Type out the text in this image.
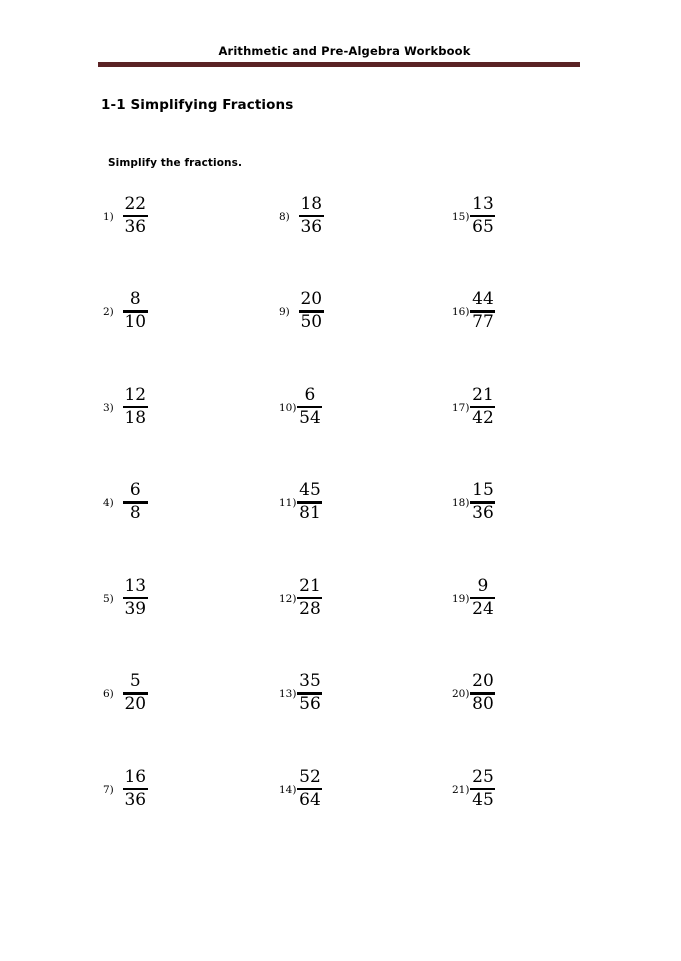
Arithmetic and Pre-Algebra Workbook
1-1 Simplifying Fractions
Simplify the fractions.
$1) \frac{22}{36}$	$8) \frac{18}{36}$	$15) \frac{13}{65}$
$2) \frac{8}{10}$	$9) \frac{20}{50}$	$16) \frac{44}{77}$
$3) \frac{12}{18}$	$10) \frac{6}{54}$	$17) \frac{21}{42}$
$4) \frac{6}{8}$	$11) \frac{45}{81}$	$18) \frac{15}{36}$
$5) \frac{13}{39}$	$12) \frac{21}{28}$	$19) \frac{9}{24}$
$6) \frac{5}{20}$	$13) \frac{35}{56}$	$20) \frac{20}{80}$
$7) \frac{16}{36}$	$14) \frac{52}{64}$	$21) \frac{25}{45}$
